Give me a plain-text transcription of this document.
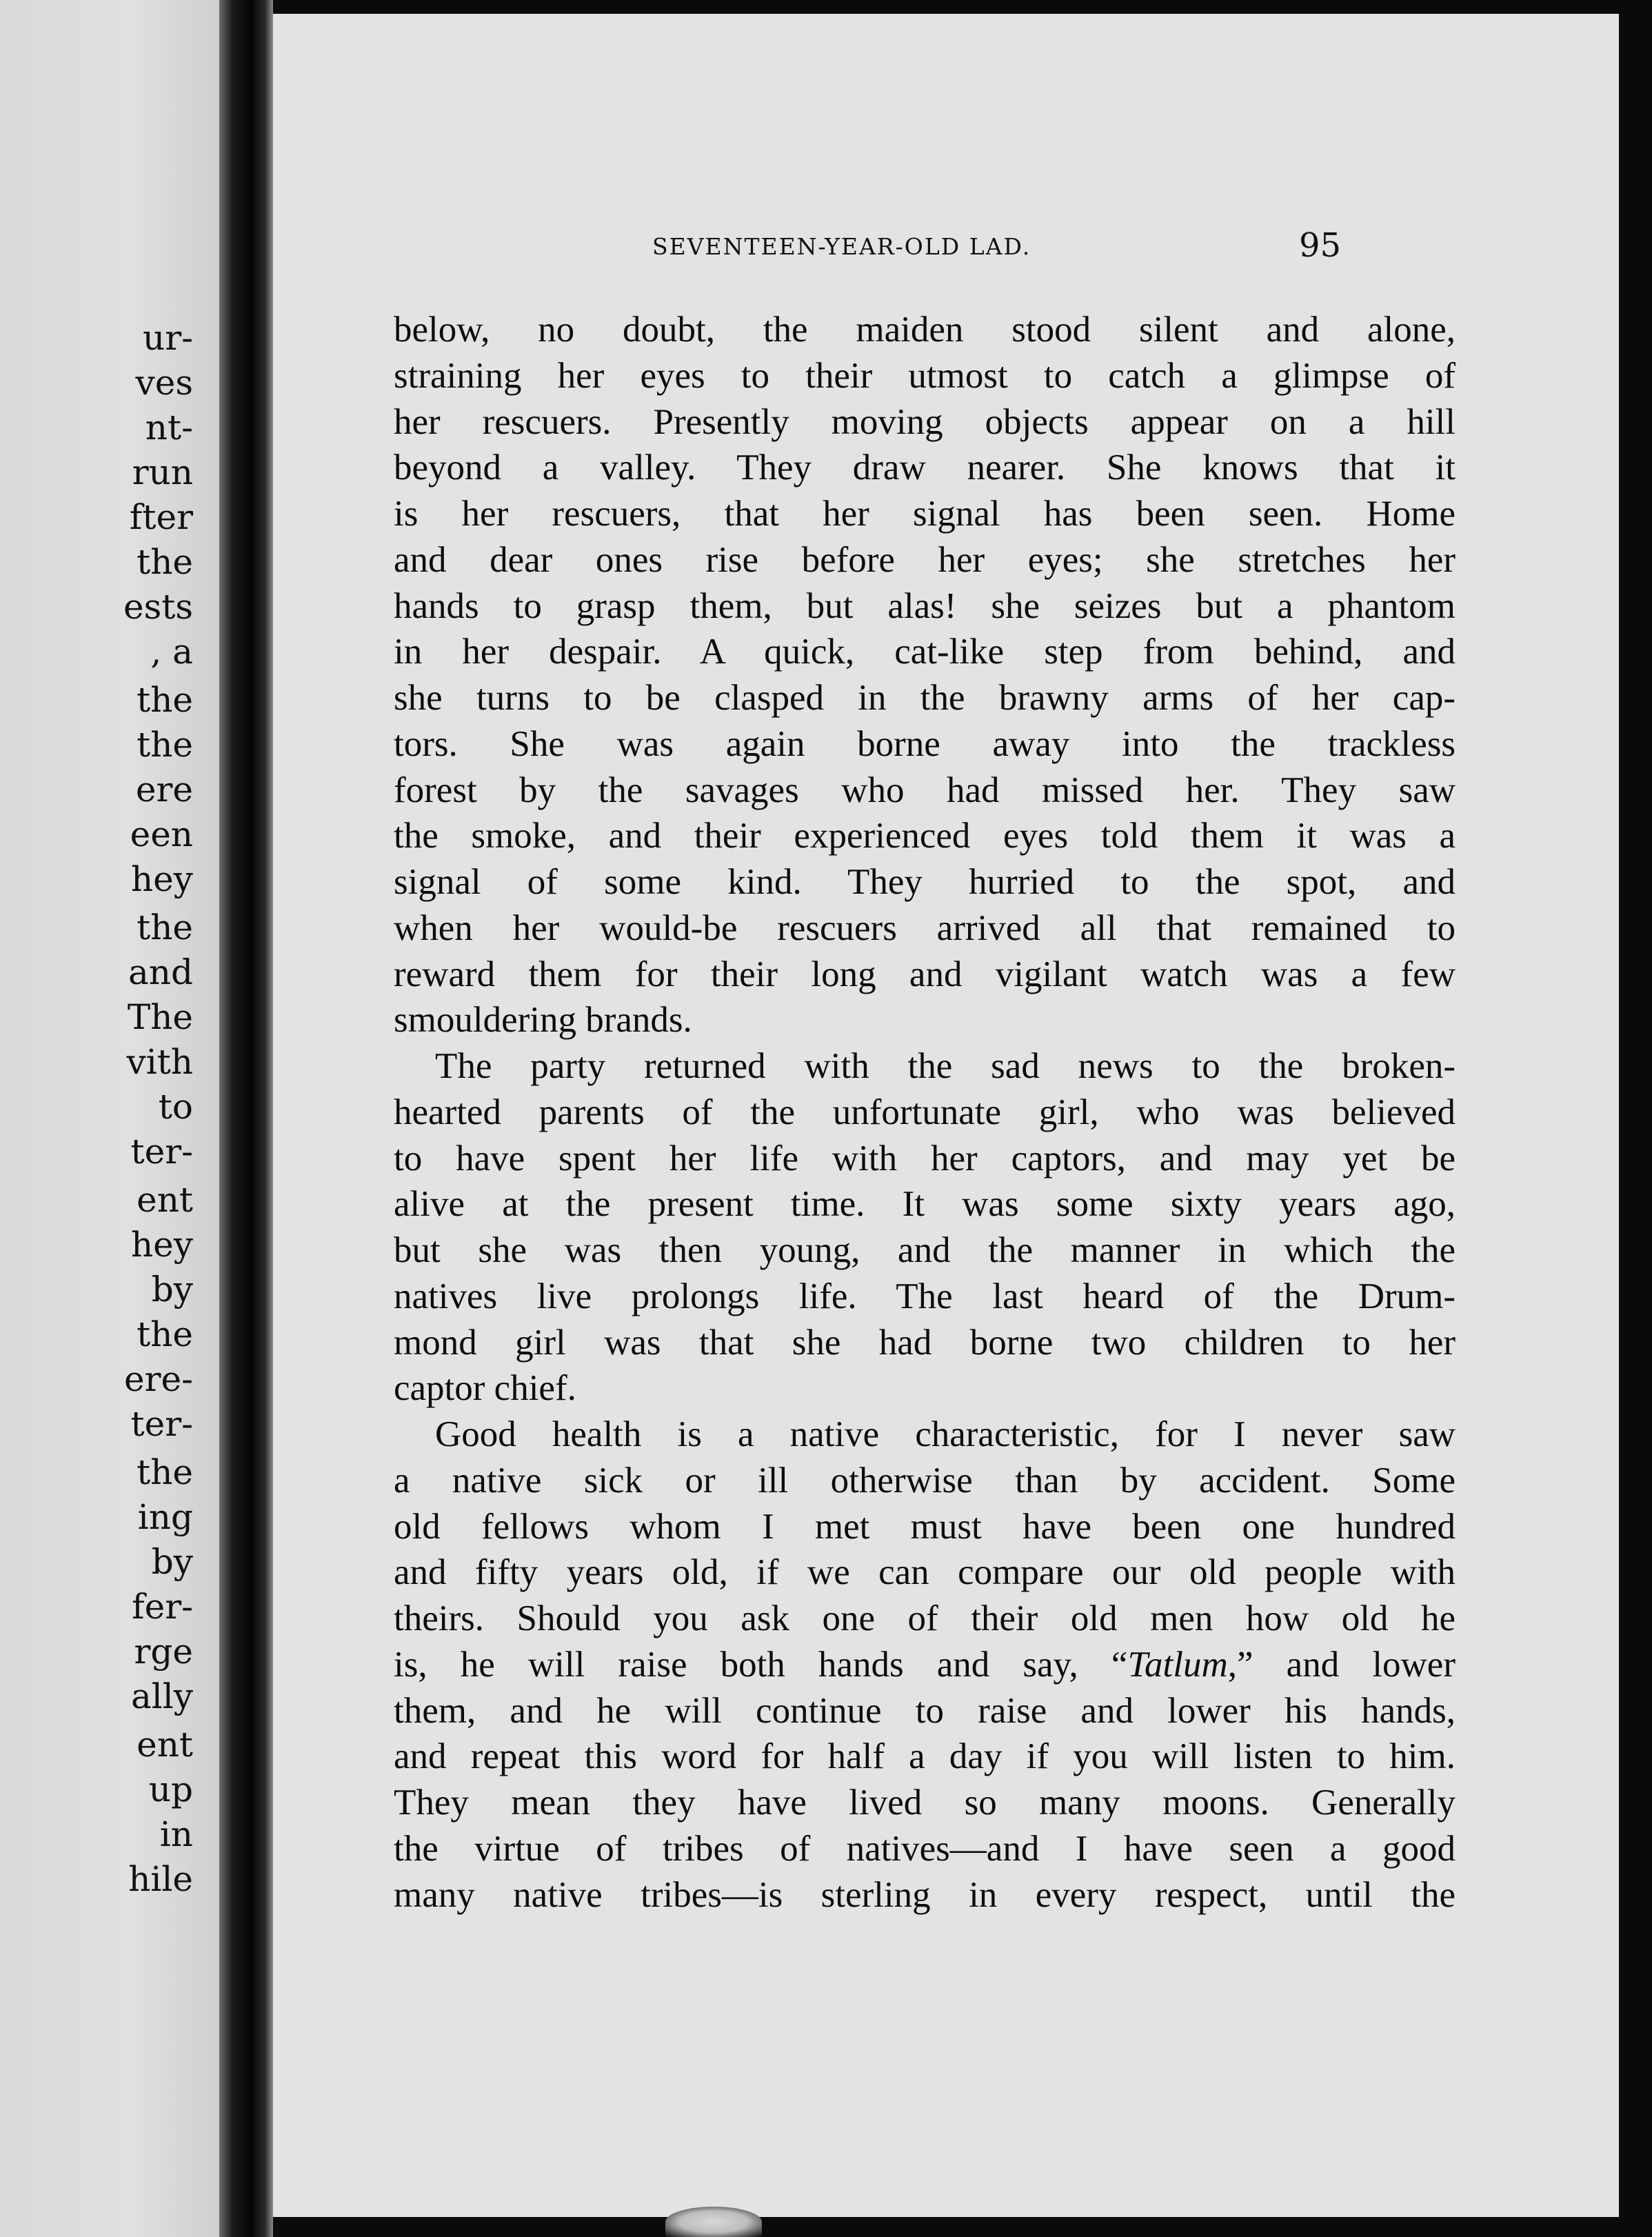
ur-
ves
nt-
run
fter
the
ests
, a
the
the
ere
een
hey
the
and
The
vith
to
ter-
ent
hey
by
the
ere-
ter-
the
ing
by
fer-
rge
ally
ent
up
in
hile
SEVENTEEN-YEAR-OLD LAD.	95
below, no doubt, the maiden stood silent and alone,
straining her eyes to their utmost to catch a glimpse of
her rescuers. Presently moving objects appear on a hill
beyond a valley. They draw nearer. She knows that it
is her rescuers, that her signal has been seen. Home
and dear ones rise before her eyes; she stretches her
hands to grasp them, but alas! she seizes but a phantom
in her despair. A quick, cat-like step from behind, and
she turns to be clasped in the brawny arms of her cap-
tors. She was again borne away into the trackless
forest by the savages who had missed her. They saw
the smoke, and their experienced eyes told them it was a
signal of some kind. They hurried to the spot, and
when her would-be rescuers arrived all that remained to
reward them for their long and vigilant watch was a few
smouldering brands.
The party returned with the sad news to the broken-
hearted parents of the unfortunate girl, who was believed
to have spent her life with her captors, and may yet be
alive at the present time. It was some sixty years ago,
but she was then young, and the manner in which the
natives live prolongs life. The last heard of the Drum-
mond girl was that she had borne two children to her
captor chief.
Good health is a native characteristic, for I never saw
a native sick or ill otherwise than by accident. Some
old fellows whom I met must have been one hundred
and fifty years old, if we can compare our old people with
theirs. Should you ask one of their old men how old he
is, he will raise both hands and say, “Tatlum,” and lower
them, and he will continue to raise and lower his hands,
and repeat this word for half a day if you will listen to him.
They mean they have lived so many moons. Generally
the virtue of tribes of natives—and I have seen a good
many native tribes—is sterling in every respect, until the
